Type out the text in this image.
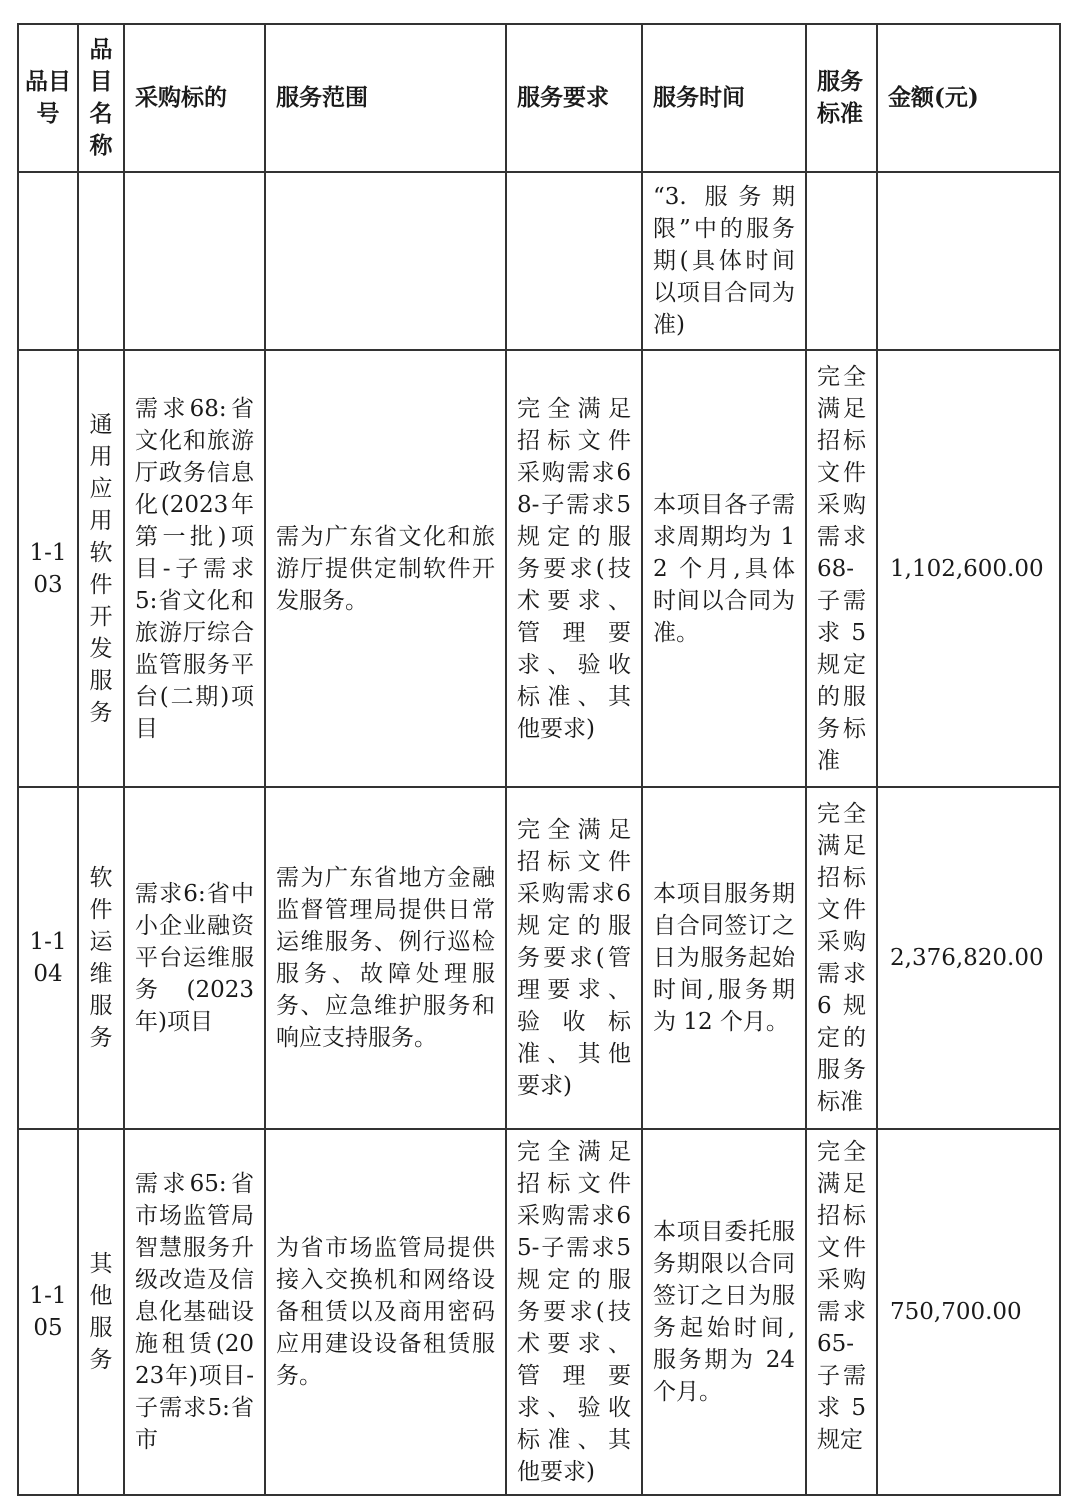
品目号	品目名称	采购标的	服务范围	服务要求	服务时间	服务标准	金额(元)
					“3. 服务期限”中的服务期(具体时间以项目合同为准)		
1-103	通用应用软件开发服务	需求68:省文化和旅游厅政务信息化(2023年第一批)项目-子需求5:省文化和旅游厅综合监管服务平台(二期)项目	需为广东省文化和旅游厅提供定制软件开发服务。	完全满足招标文件采购需求68-子需求5规定的服务要求(技术要求、管理要求、验收标准、其他要求)	本项目各子需求周期均为 12 个月,具体时间以合同为准。	完全满足招标文件采购需求68-子需求5规定的服务标准	1,102,600.00
1-104	软件运维服务	需求6:省中小企业融资平台运维服务(2023年)项目	需为广东省地方金融监督管理局提供日常运维服务、例行巡检服务、故障处理服务、应急维护服务和响应支持服务。	完全满足招标文件采购需求6规定的服务要求(管理要求、验收标准、其他要求)	本项目服务期自合同签订之日为服务起始时间,服务期为 12 个月。	完全满足招标文件采购需求6规定的服务标准	2,376,820.00
1-105	其他服务	需求65:省市场监管局智慧服务升级改造及信息化基础设施租赁(2023年)项目-子需求5:省市	为省市场监管局提供接入交换机和网络设备租赁以及商用密码应用建设设备租赁服务。	完全满足招标文件采购需求65-子需求5规定的服务要求(技术要求、管理要求、验收标准、其他要求)	本项目委托服务期限以合同签订之日为服务起始时间,服务期为 24 个月。	完全满足招标文件采购需求65-子需求5规定	750,700.00
